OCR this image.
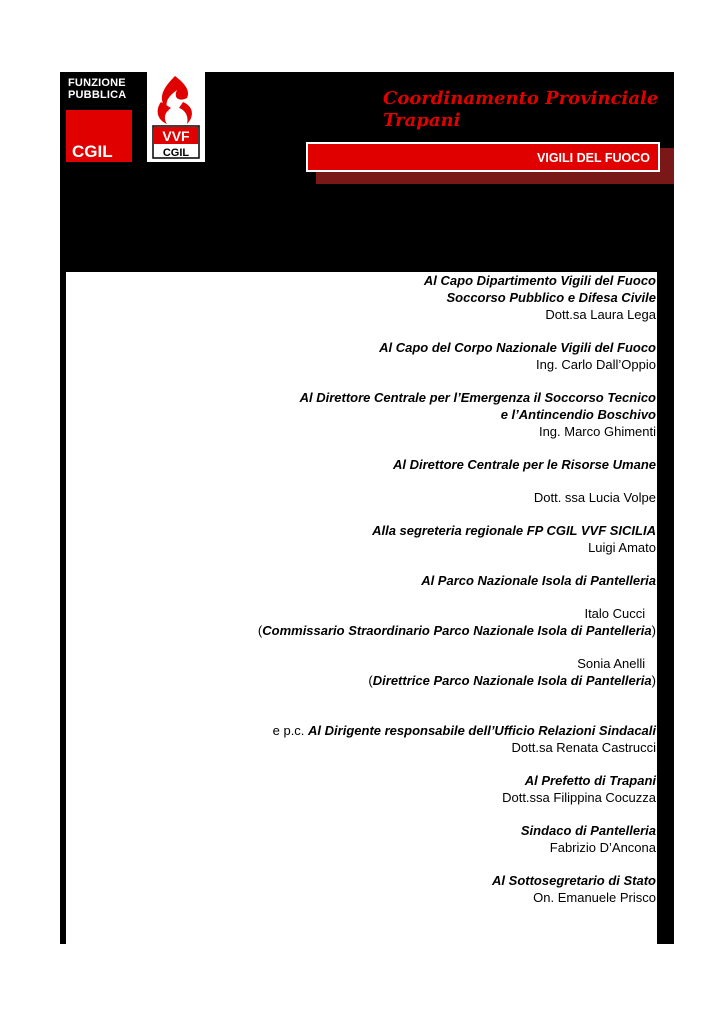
FUNZIONE
PUBBLICA
CGIL
VVF
CGIL
Coordinamento Provinciale
Trapani
VIGILI DEL FUOCO
Al Capo Dipartimento Vigili del Fuoco
Soccorso Pubblico e Difesa Civile
Dott.sa Laura Lega
Al Capo del Corpo Nazionale Vigili del Fuoco
Ing. Carlo Dall’Oppio
Al Direttore Centrale per l’Emergenza il Soccorso Tecnico
e l’Antincendio Boschivo
Ing. Marco Ghimenti
Al Direttore Centrale per le Risorse Umane
Dott. ssa Lucia Volpe
Alla segreteria regionale FP CGIL VVF SICILIA
Luigi Amato
Al Parco Nazionale Isola di Pantelleria
Italo Cucci
(Commissario Straordinario Parco Nazionale Isola di Pantelleria)
Sonia Anelli
(Direttrice Parco Nazionale Isola di Pantelleria)
e p.c. Al Dirigente responsabile dell’Ufficio Relazioni Sindacali
Dott.sa Renata Castrucci
Al Prefetto di Trapani
Dott.ssa Filippina Cocuzza
Sindaco di Pantelleria
Fabrizio D’Ancona
Al Sottosegretario di Stato
On. Emanuele Prisco
